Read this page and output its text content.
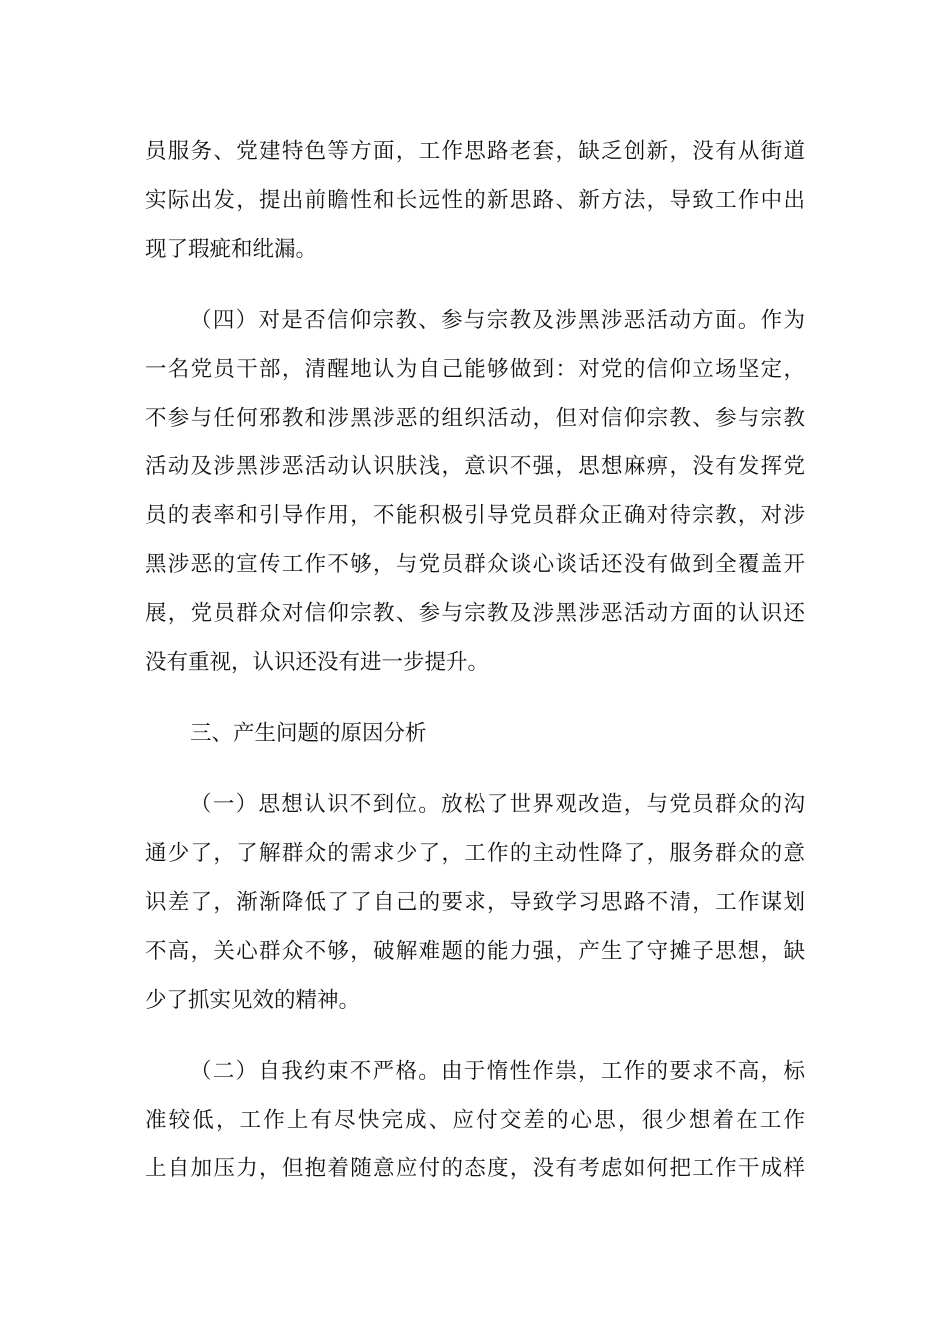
员服务、党建特色等方面，工作思路老套，缺乏创新，没有从街道
实际出发，提出前瞻性和长远性的新思路、新方法，导致工作中出
现了瑕疵和纰漏。
（四）对是否信仰宗教、参与宗教及涉黑涉恶活动方面。作为
一名党员干部，清醒地认为自己能够做到：对党的信仰立场坚定，
不参与任何邪教和涉黑涉恶的组织活动，但对信仰宗教、参与宗教
活动及涉黑涉恶活动认识肤浅，意识不强，思想麻痹，没有发挥党
员的表率和引导作用，不能积极引导党员群众正确对待宗教，对涉
黑涉恶的宣传工作不够，与党员群众谈心谈话还没有做到全覆盖开
展，党员群众对信仰宗教、参与宗教及涉黑涉恶活动方面的认识还
没有重视，认识还没有进一步提升。
三、产生问题的原因分析
（一）思想认识不到位。放松了世界观改造，与党员群众的沟
通少了，了解群众的需求少了，工作的主动性降了，服务群众的意
识差了，渐渐降低了了自己的要求，导致学习思路不清，工作谋划
不高，关心群众不够，破解难题的能力强，产生了守摊子思想，缺
少了抓实见效的精神。
（二）自我约束不严格。由于惰性作祟，工作的要求不高，标
准较低，工作上有尽快完成、应付交差的心思，很少想着在工作
上自加压力，但抱着随意应付的态度，没有考虑如何把工作干成样
